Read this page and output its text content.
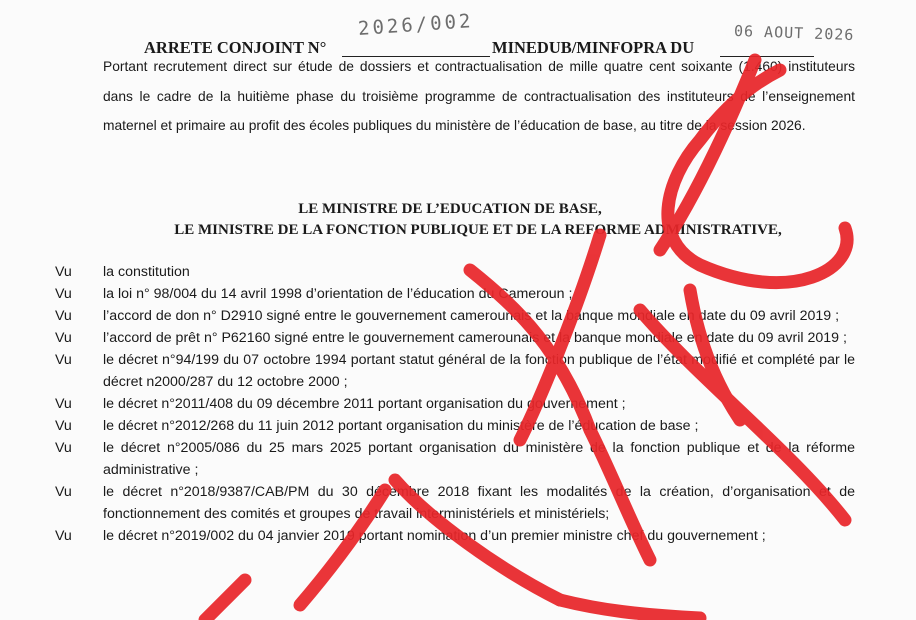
ARRETE CONJOINT N°	MINEDUB/MINFOPRA DU
2026/002	06 AOUT 2026
Portant recrutement direct sur étude de dossiers et contractualisation de mille quatre cent soixante (1.460) instituteurs dans le cadre de la huitième phase du troisième programme de contractualisation des instituteurs de l’enseignement maternel et primaire au profit des écoles publiques du ministère de l’éducation de base, au titre de la session 2026.
LE MINISTRE DE L’EDUCATION DE BASE,
LE MINISTRE DE LA FONCTION PUBLIQUE ET DE LA REFORME ADMINISTRATIVE,
Vu	la constitution
Vu	la loi n° 98/004 du 14 avril 1998 d’orientation de l’éducation du Cameroun ;
Vu	l’accord de don n° D2910 signé entre le gouvernement camerounais et la banque mondiale en date du 09 avril 2019 ;
Vu	l’accord de prêt n° P62160 signé entre le gouvernement camerounais et la banque mondiale en date du 09 avril 2019 ;
Vu	le décret n°94/199 du 07 octobre 1994 portant statut général de la fonction publique de l’état modifié et complété par le décret n2000/287 du 12 octobre 2000 ;
Vu	le décret n°2011/408 du 09 décembre 2011 portant organisation du gouvernement ;
Vu	le décret n°2012/268 du 11 juin 2012 portant organisation du ministère de l’éducation de base ;
Vu	le décret n°2005/086 du 25 mars 2025 portant organisation du ministère de la fonction publique et de la réforme administrative ;
Vu	le décret n°2018/9387/CAB/PM du 30 décembre 2018 fixant les modalités de la création, d’organisation et de fonctionnement des comités et groupes de travail interministériels et ministériels;
Vu	le décret n°2019/002 du 04 janvier 2019 portant nomination d’un premier ministre chef du gouvernement ;
